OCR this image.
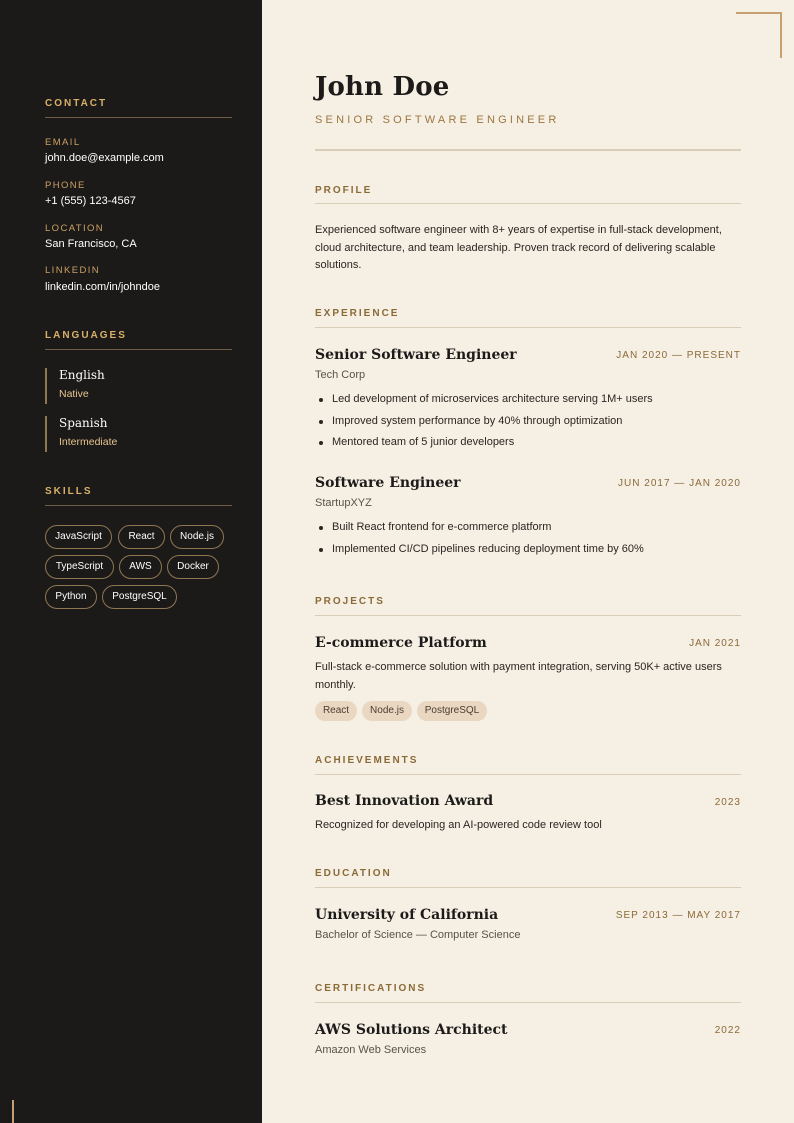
CONTACT
EMAIL
john.doe@example.com
PHONE
+1 (555) 123-4567
LOCATION
San Francisco, CA
LINKEDIN
linkedin.com/in/johndoe
LANGUAGES
English
Native
Spanish
Intermediate
SKILLS
JavaScript	React	Node.js
TypeScript	AWS	Docker
Python	PostgreSQL
John Doe
SENIOR SOFTWARE ENGINEER
PROFILE
Experienced software engineer with 8+ years of expertise in full-stack development, cloud architecture, and team leadership. Proven track record of delivering scalable solutions.
EXPERIENCE
Senior Software Engineer	JAN 2020 — PRESENT
Tech Corp
Led development of microservices architecture serving 1M+ users
Improved system performance by 40% through optimization
Mentored team of 5 junior developers
Software Engineer	JUN 2017 — JAN 2020
StartupXYZ
Built React frontend for e-commerce platform
Implemented CI/CD pipelines reducing deployment time by 60%
PROJECTS
E-commerce Platform	JAN 2021
Full-stack e-commerce solution with payment integration, serving 50K+ active users monthly.
React	Node.js	PostgreSQL
ACHIEVEMENTS
Best Innovation Award	2023
Recognized for developing an AI-powered code review tool
EDUCATION
University of California	SEP 2013 — MAY 2017
Bachelor of Science — Computer Science
CERTIFICATIONS
AWS Solutions Architect	2022
Amazon Web Services
